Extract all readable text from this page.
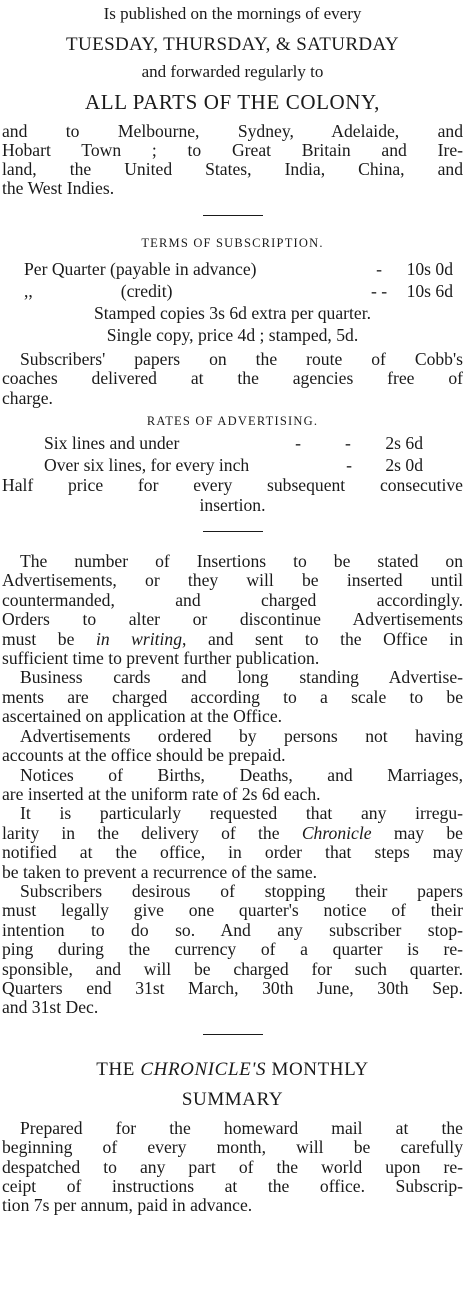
Is published on the mornings of every

TUESDAY, THURSDAY, & SATURDAY

and forwarded regularly to

ALL PARTS OF THE COLONY,

and to Melbourne, Sydney, Adelaide, and

Hobart Town ; to Great Britain and Ire-

land, the United States, India, China, and

the West Indies.

TERMS OF SUBSCRIPTION.

Per Quarter (payable in advance)	-	10s 0d
,,                    (credit)	- -	10s 6d

Stamped copies 3s 6d extra per quarter.

Single copy, price 4d ; stamped, 5d.

Subscribers' papers on the route of Cobb's

coaches delivered at the agencies free of

charge.

RATES OF ADVERTISING.

Six lines and under	-          -	2s 6d
Over six lines, for every inch	-	2s 0d

Half price for every subsequent consecutive

insertion.

The number of Insertions to be stated on

Advertisements, or they will be inserted until

countermanded, and charged accordingly.

Orders to alter or discontinue Advertisements

must be in writing, and sent to the Office in

sufficient time to prevent further publication.

Business cards and long standing Advertise-

ments are charged according to a scale to be

ascertained on application at the Office.

Advertisements ordered by persons not having

accounts at the office should be prepaid.

Notices of Births, Deaths, and Marriages,

are inserted at the uniform rate of 2s 6d each.

It is particularly requested that any irregu-

larity in the delivery of the Chronicle may be

notified at the office, in order that steps may

be taken to prevent a recurrence of the same.

Subscribers desirous of stopping their papers

must legally give one quarter's notice of their

intention to do so. And any subscriber stop-

ping during the currency of a quarter is re-

sponsible, and will be charged for such quarter.

Quarters end 31st March, 30th June, 30th Sep.

and 31st Dec.

THE CHRONICLE'S MONTHLY

SUMMARY

Prepared for the homeward mail at the

beginning of every month, will be carefully

despatched to any part of the world upon re-

ceipt of instructions at the office. Subscrip-

tion 7s per annum, paid in advance.
